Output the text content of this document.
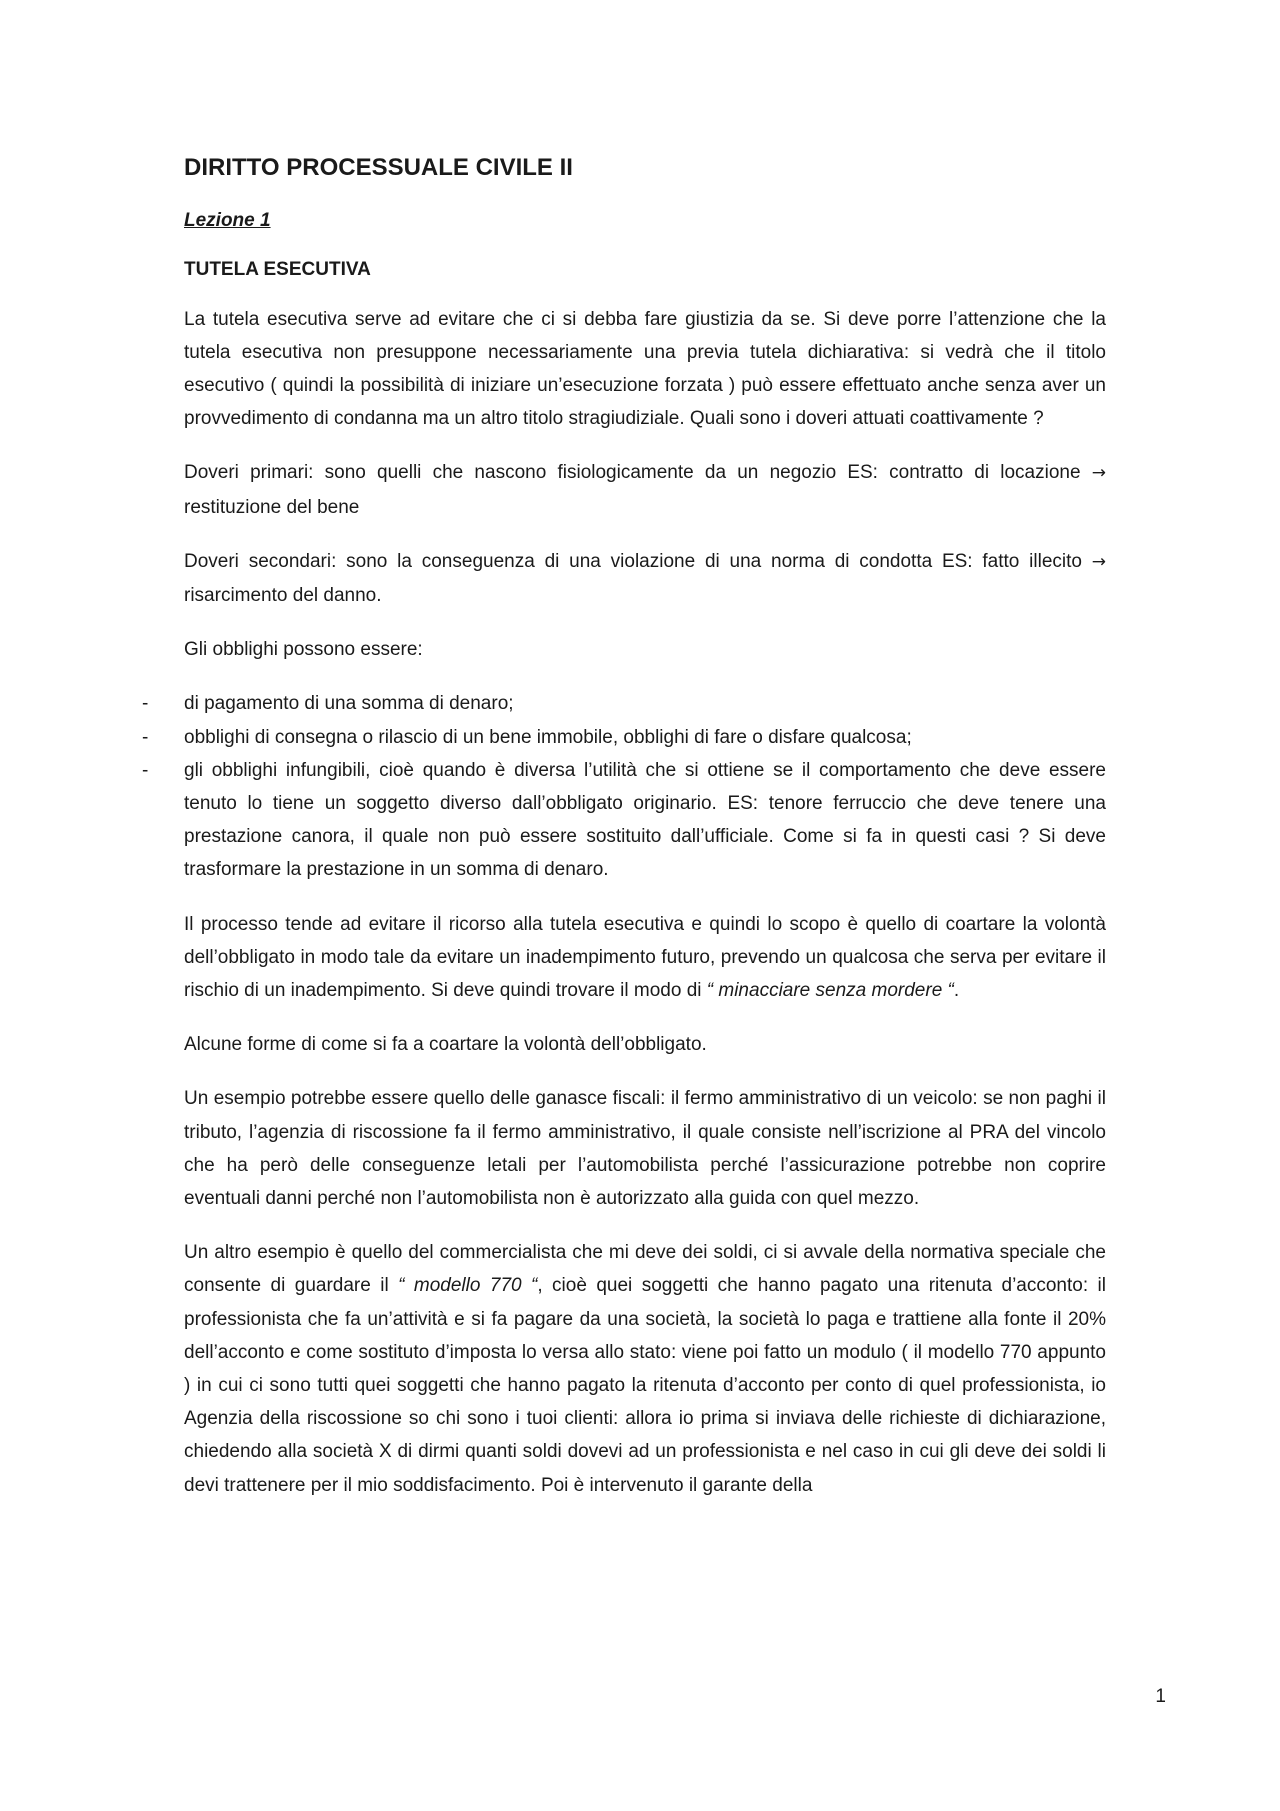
DIRITTO PROCESSUALE CIVILE II
Lezione 1
TUTELA ESECUTIVA

La tutela esecutiva serve ad evitare che ci si debba fare giustizia da se. Si deve porre l’attenzione che la tutela esecutiva non presuppone necessariamente una previa tutela dichiarativa: si vedrà che il titolo esecutivo ( quindi la possibilità di iniziare un’esecuzione forzata ) può essere effettuato anche senza aver un provvedimento di condanna ma un altro titolo stragiudiziale. Quali sono i doveri attuati coattivamente ?

Doveri primari: sono quelli che nascono fisiologicamente da un negozio ES: contratto di locazione → restituzione del bene

Doveri secondari: sono la conseguenza di una violazione di una norma di condotta ES: fatto illecito → risarcimento del danno.

Gli obblighi possono essere:

- di pagamento di una somma di denaro;
- obblighi di consegna o rilascio di un bene immobile, obblighi di fare o disfare qualcosa;
- gli obblighi infungibili, cioè quando è diversa l’utilità che si ottiene se il comportamento che deve essere tenuto lo tiene un soggetto diverso dall’obbligato originario. ES: tenore ferruccio che deve tenere una prestazione canora, il quale non può essere sostituito dall’ufficiale. Come si fa in questi casi ? Si deve trasformare la prestazione in un somma di denaro.

Il processo tende ad evitare il ricorso alla tutela esecutiva e quindi lo scopo è quello di coartare la volontà dell’obbligato in modo tale da evitare un inadempimento futuro, prevendo un qualcosa che serva per evitare il rischio di un inadempimento. Si deve quindi trovare il modo di “ minacciare senza mordere “.

Alcune forme di come si fa a coartare la volontà dell’obbligato.

Un esempio potrebbe essere quello delle ganasce fiscali: il fermo amministrativo di un veicolo: se non paghi il tributo, l’agenzia di riscossione fa il fermo amministrativo, il quale consiste nell’iscrizione al PRA del vincolo che ha però delle conseguenze letali per l’automobilista perché l’assicurazione potrebbe non coprire eventuali danni perché non l’automobilista non è autorizzato alla guida con quel mezzo.

Un altro esempio è quello del commercialista che mi deve dei soldi, ci si avvale della normativa speciale che consente di guardare il “ modello 770 “, cioè quei soggetti che hanno pagato una ritenuta d’acconto: il professionista che fa un’attività e si fa pagare da una società, la società lo paga e trattiene alla fonte il 20% dell’acconto e come sostituto d’imposta lo versa allo stato: viene poi fatto un modulo ( il modello 770 appunto ) in cui ci sono tutti quei soggetti che hanno pagato la ritenuta d’acconto per conto di quel professionista, io Agenzia della riscossione so chi sono i tuoi clienti: allora io prima si inviava delle richieste di dichiarazione, chiedendo alla società X di dirmi quanti soldi dovevi ad un professionista e nel caso in cui gli deve dei soldi li devi trattenere per il mio soddisfacimento. Poi è intervenuto il garante della

1
